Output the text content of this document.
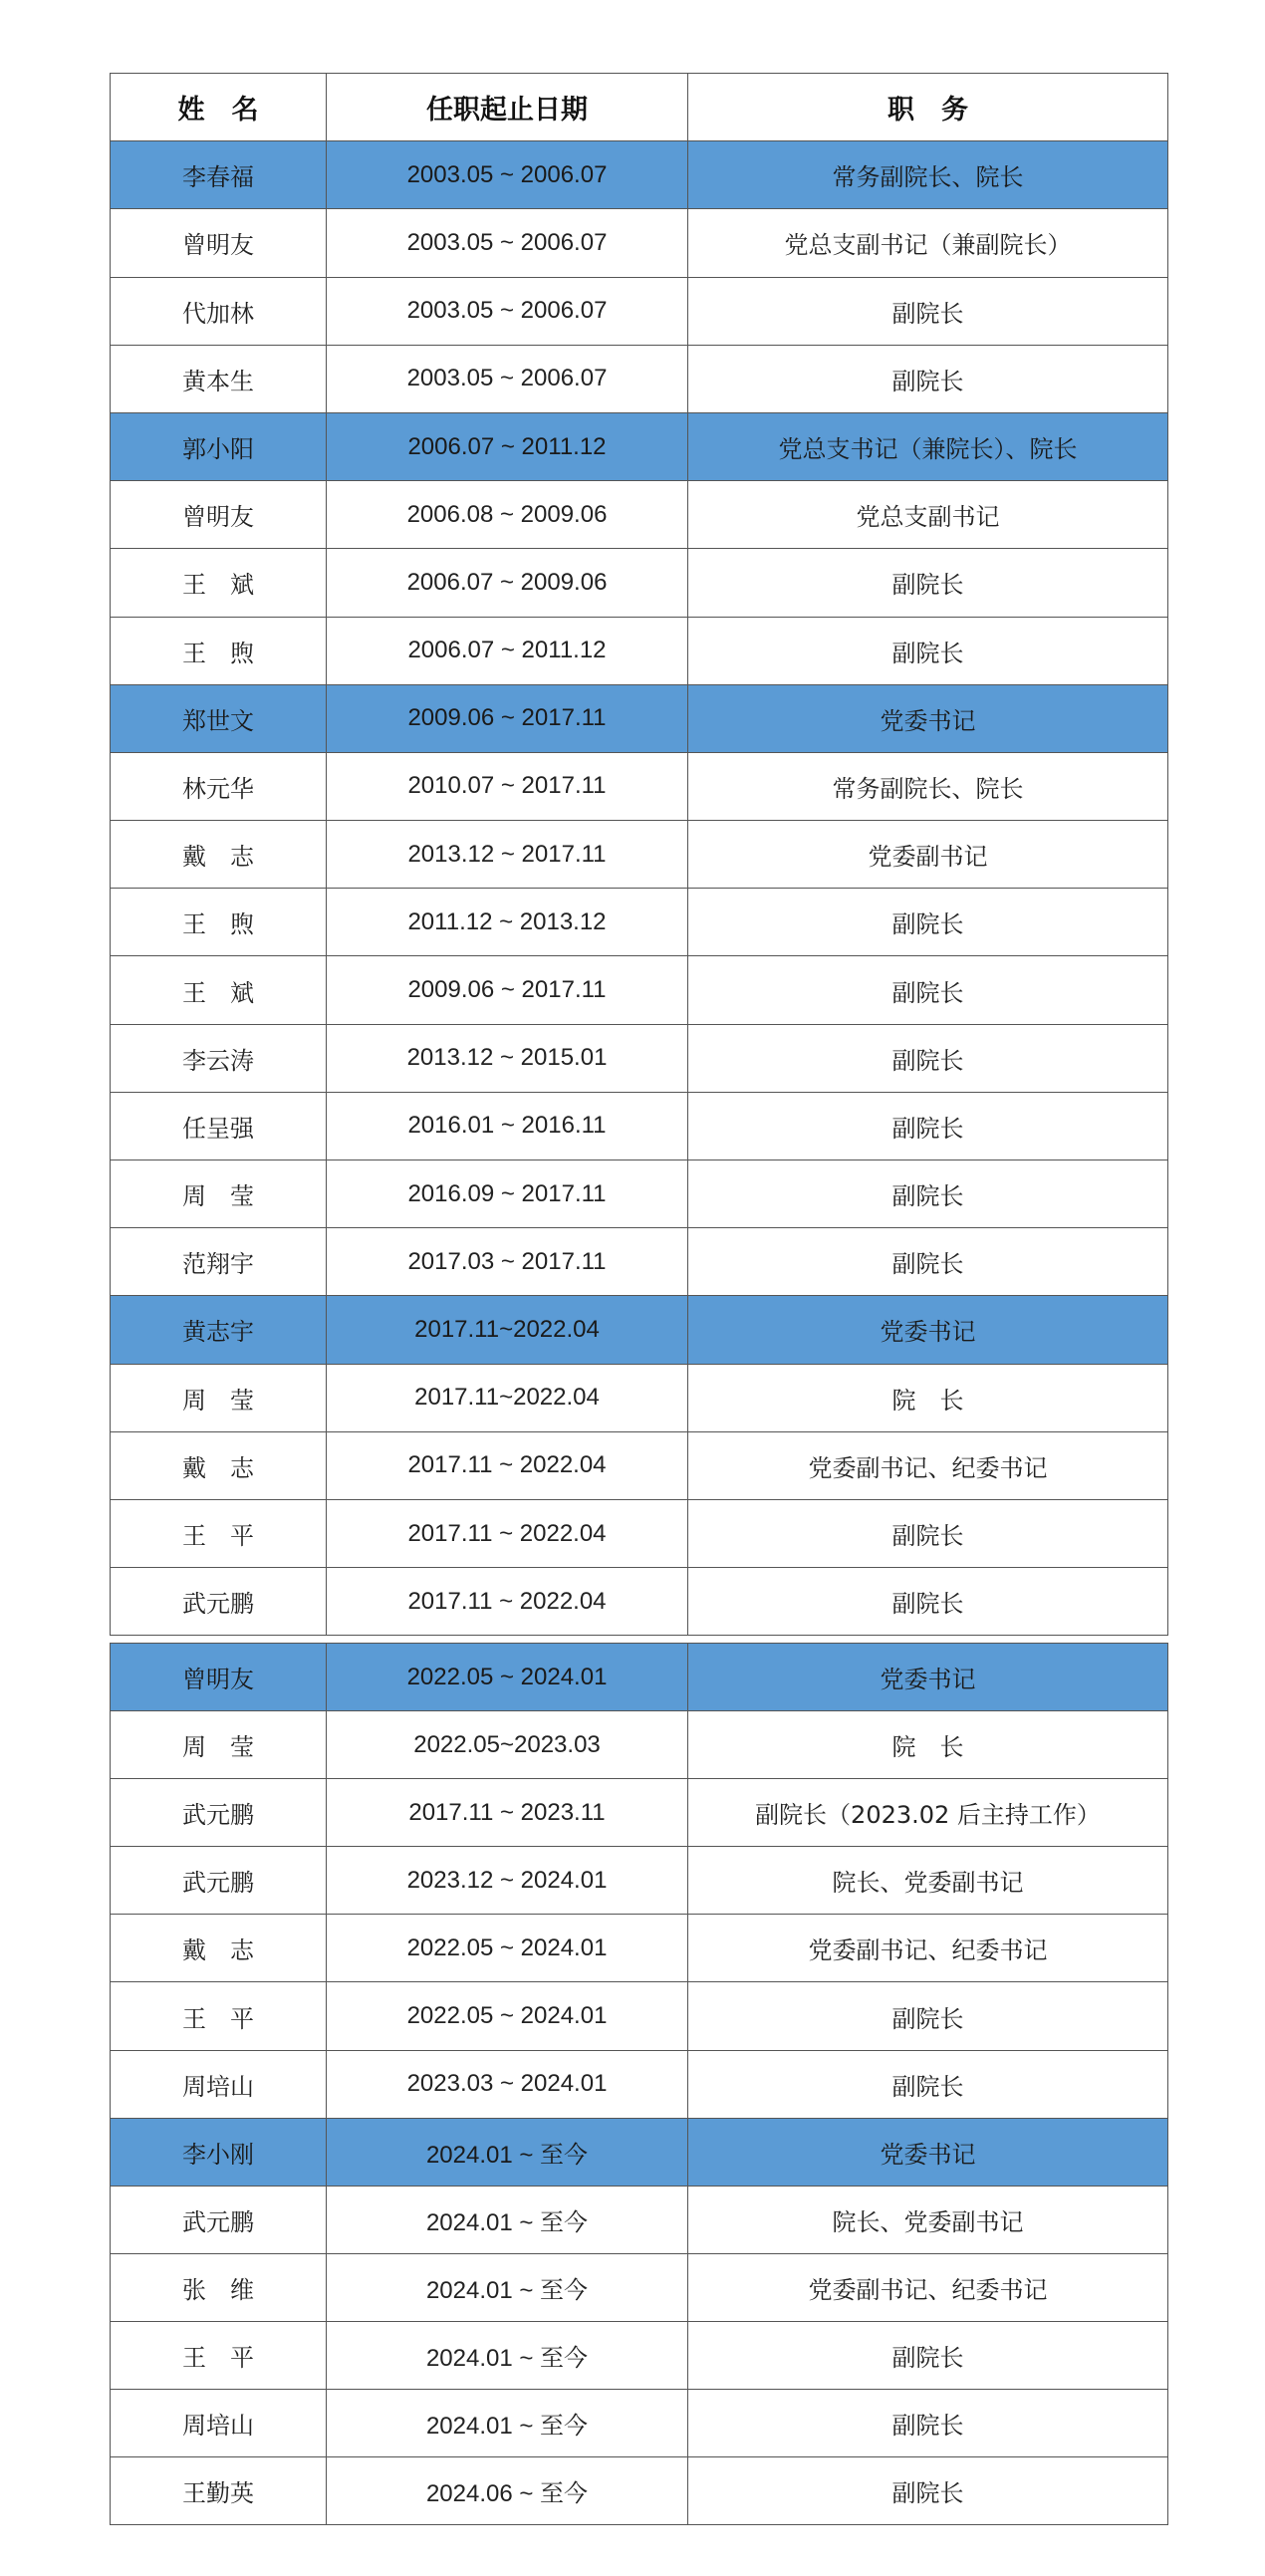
姓　名	任职起止日期	职　务
李春福	2003.05 ~ 2006.07	常务副院长、院长
曾明友	2003.05 ~ 2006.07	党总支副书记（兼副院长）
代加林	2003.05 ~ 2006.07	副院长
黄本生	2003.05 ~ 2006.07	副院长
郭小阳	2006.07 ~ 2011.12	党总支书记（兼院长）、院长
曾明友	2006.08 ~ 2009.06	党总支副书记
王　斌	2006.07 ~ 2009.06	副院长
王　煦	2006.07 ~ 2011.12	副院长
郑世文	2009.06 ~ 2017.11	党委书记
林元华	2010.07 ~ 2017.11	常务副院长、院长
戴　志	2013.12 ~ 2017.11	党委副书记
王　煦	2011.12 ~ 2013.12	副院长
王　斌	2009.06 ~ 2017.11	副院长
李云涛	2013.12 ~ 2015.01	副院长
任呈强	2016.01 ~ 2016.11	副院长
周　莹	2016.09 ~ 2017.11	副院长
范翔宇	2017.03 ~ 2017.11	副院长
黄志宇	2017.11~2022.04	党委书记
周　莹	2017.11~2022.04	院　长
戴　志	2017.11 ~ 2022.04	党委副书记、纪委书记
王　平	2017.11 ~ 2022.04	副院长
武元鹏	2017.11 ~ 2022.04	副院长
曾明友	2022.05 ~ 2024.01	党委书记
周　莹	2022.05~2023.03	院　长
武元鹏	2017.11 ~ 2023.11	副院长（2023.02 后主持工作）
武元鹏	2023.12 ~ 2024.01	院长、党委副书记
戴　志	2022.05 ~ 2024.01	党委副书记、纪委书记
王　平	2022.05 ~ 2024.01	副院长
周培山	2023.03 ~ 2024.01	副院长
李小刚	2024.01 ~ 至今	党委书记
武元鹏	2024.01 ~ 至今	院长、党委副书记
张　维	2024.01 ~ 至今	党委副书记、纪委书记
王　平	2024.01 ~ 至今	副院长
周培山	2024.01 ~ 至今	副院长
王勤英	2024.06 ~ 至今	副院长
